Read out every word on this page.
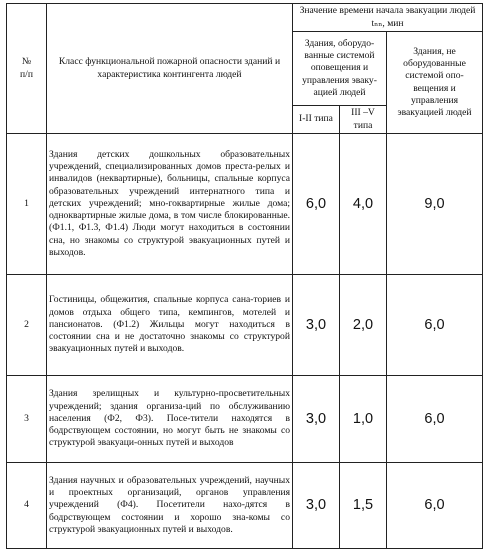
№
п/п	Класс функциональной пожарной опасности зданий и характеристика контингента людей	Значение времени начала эвакуации людей tₙₙ, мин		
		Здания, оборудо-ванные системой оповещения и управления эваку-ацией людей		Здания, не оборудованные системой опо-вещения и управления эвакуацией людей
		I-II типа	III –V типа	
1	Здания детских дошкольных образовательных учреждений, специализированных домов преста-релых и инвалидов (неквартирные), больницы, спальные корпуса образовательных учреждений интернатного типа и детских учреждений; мно-гоквартирные жилые дома; одноквартирные жилые дома, в том числе блокированные. (Ф1.1, Ф1.3, Ф1.4) Люди могут находиться в состоянии сна, но знакомы со структурой эвакуационных путей и выходов.	6,0	4,0	9,0
2	Гостиницы, общежития, спальные корпуса сана-ториев и домов отдыха общего типа, кемпингов, мотелей и пансионатов. (Ф1.2) Жильцы могут находиться в состоянии сна и не достаточно знакомы со структурой эвакуационных путей и выходов.	3,0	2,0	6,0
3	Здания зрелищных и культурно-просветительных учреждений; здания организа-ций по обслуживанию населения (Ф2, Ф3). Посе-тители находятся в бодрствующем состоянии, но могут быть не знакомы со структурой эвакуаци-онных путей и выходов	3,0	1,0	6,0
4	Здания научных и образовательных учреждений, научных и проектных организаций, органов управления учреждений (Ф4). Посетители нахо-дятся в бодрствующем состоянии и хорошо зна-комы со структурой эвакуационных путей и выходов.	3,0	1,5	6,0
